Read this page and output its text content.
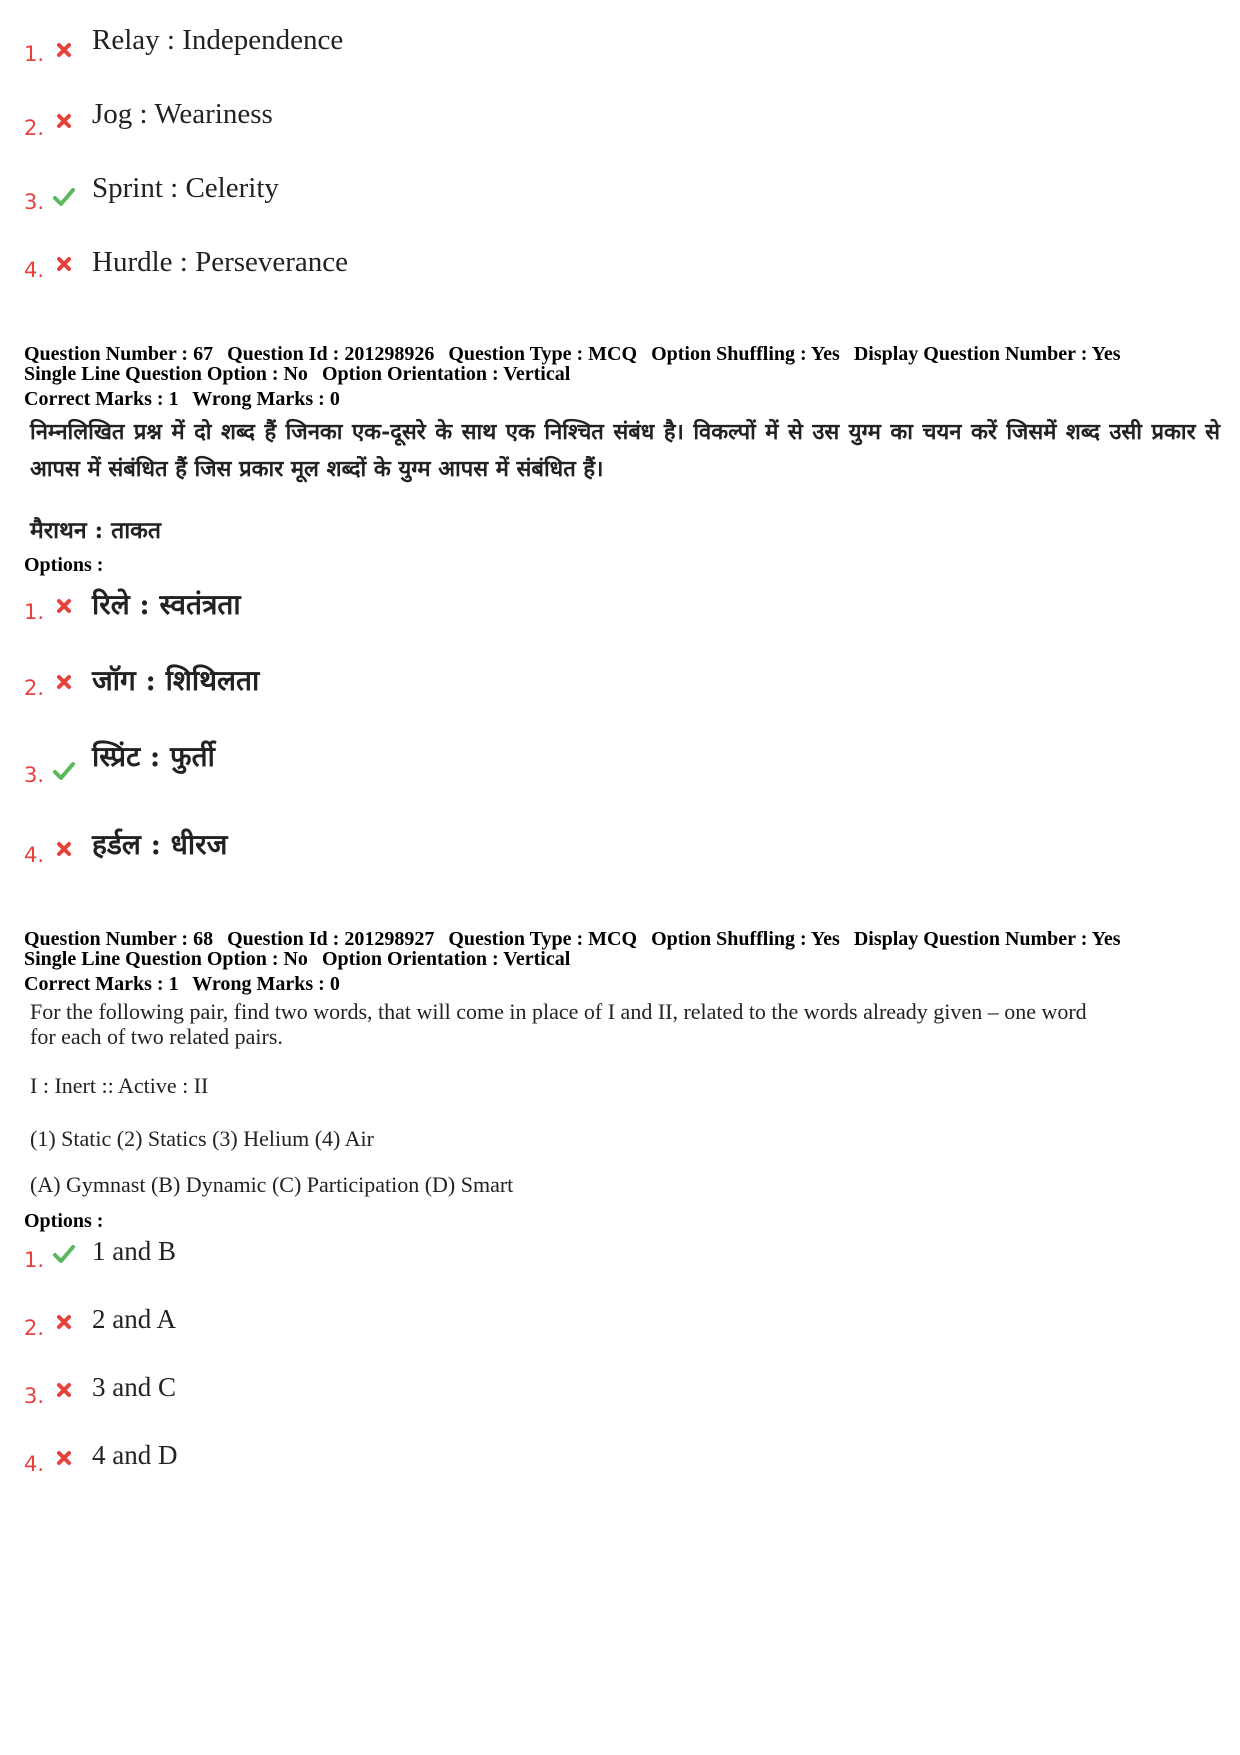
1. Relay : Independence
2. Jog : Weariness
3. Sprint : Celerity
4. Hurdle : Perseverance
Question Number : 67 Question Id : 201298926 Question Type : MCQ Option Shuffling : Yes Display Question Number : Yes
Single Line Question Option : No Option Orientation : Vertical
Correct Marks : 1 Wrong Marks : 0
निम्नलिखित प्रश्न में दो शब्द हैं जिनका एक-दूसरे के साथ एक निश्चित संबंध है। विकल्पों में से उस युग्म का चयन करें जिसमें शब्द उसी प्रकार से आपस में संबंधित हैं जिस प्रकार मूल शब्दों के युग्म आपस में संबंधित हैं।
मैराथन : ताकत
Options :
1. रिले : स्वतंत्रता
2. जॉग : शिथिलता
3.
स्प्रिंट : फुर्ती
4. हर्डल : धीरज
Question Number : 68 Question Id : 201298927 Question Type : MCQ Option Shuffling : Yes Display Question Number : Yes
Single Line Question Option : No Option Orientation : Vertical
Correct Marks : 1 Wrong Marks : 0
For the following pair, find two words, that will come in place of I and II, related to the words already given – one word
for each of two related pairs.
I : Inert :: Active : II
(1) Static (2) Statics (3) Helium (4) Air
(A) Gymnast (B) Dynamic (C) Participation (D) Smart
Options :
1. 1 and B
2. 2 and A
3. 3 and C
4. 4 and D
